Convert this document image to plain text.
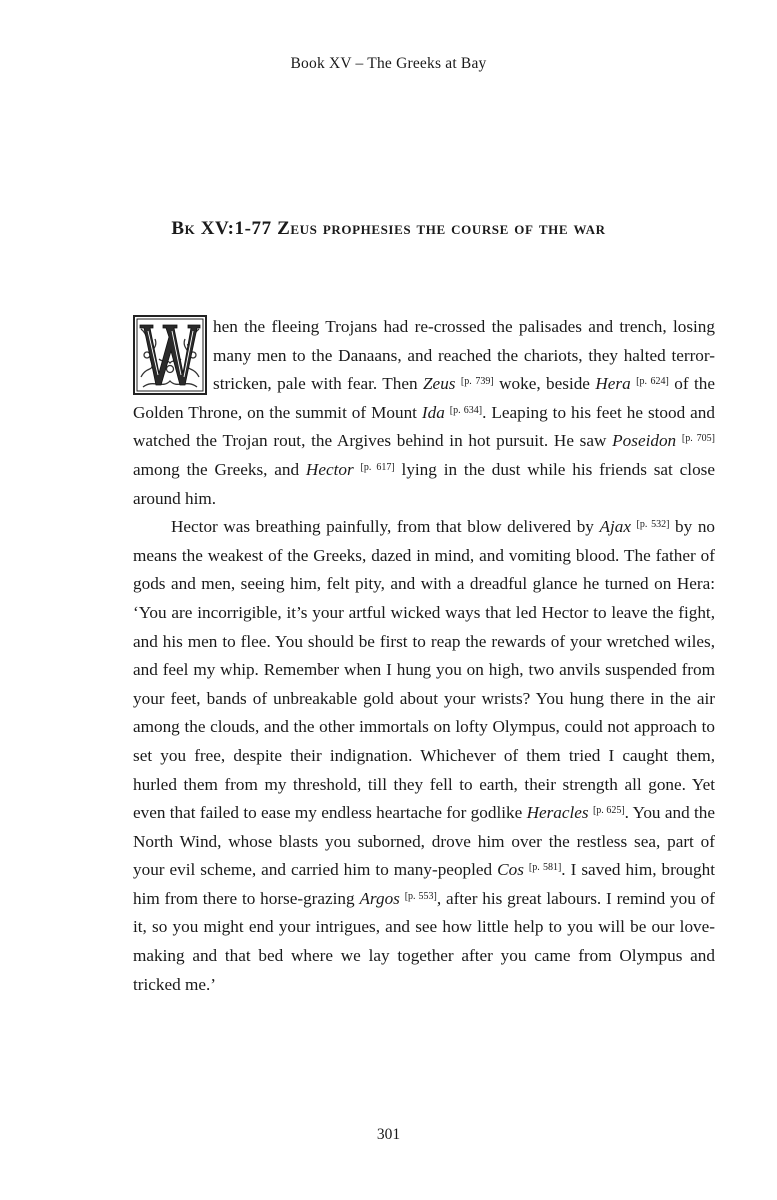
Book XV – The Greeks at Bay
Bk XV:1-77 Zeus prophesies the course of the war

hen the fleeing Trojans had re-crossed the palisades and trench, losing many men to the Danaans, and reached the chariots, they halted terror-stricken, pale with fear. Then Zeus [p. 739] woke, beside Hera [p. 624] of the Golden Throne, on the summit of Mount Ida [p. 634]. Leaping to his feet he stood and watched the Trojan rout, the Argives behind in hot pursuit. He saw Poseidon [p. 705] among the Greeks, and Hector [p. 617] lying in the dust while his friends sat close around him.

Hector was breathing painfully, from that blow delivered by Ajax [p. 532] by no means the weakest of the Greeks, dazed in mind, and vomiting blood. The father of gods and men, seeing him, felt pity, and with a dreadful glance he turned on Hera: ‘You are incorrigible, it’s your artful wicked ways that led Hector to leave the fight, and his men to flee. You should be first to reap the rewards of your wretched wiles, and feel my whip. Remember when I hung you on high, two anvils suspended from your feet, bands of unbreakable gold about your wrists? You hung there in the air among the clouds, and the other immortals on lofty Olympus, could not approach to set you free, despite their indignation. Whichever of them tried I caught them, hurled them from my threshold, till they fell to earth, their strength all gone. Yet even that failed to ease my endless heartache for godlike Heracles [p. 625]. You and the North Wind, whose blasts you suborned, drove him over the restless sea, part of your evil scheme, and carried him to many-peopled Cos [p. 581]. I saved him, brought him from there to horse-grazing Argos [p. 553], after his great labours. I remind you of it, so you might end your intrigues, and see how little help to you will be our love-making and that bed where we lay together after you came from Olympus and tricked me.’

301
